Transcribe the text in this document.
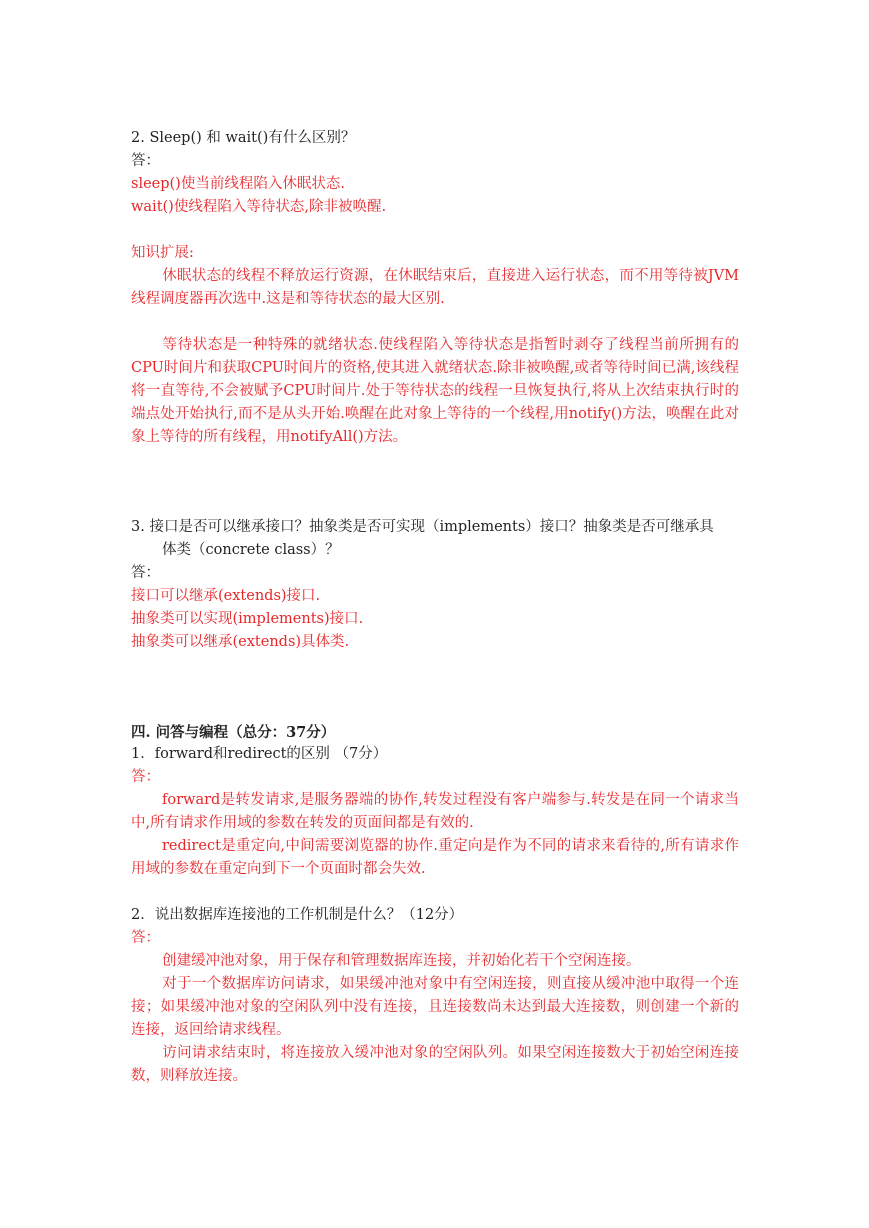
2. Sleep() 和 wait()有什么区别？
答：
sleep()使当前线程陷入休眠状态.
wait()使线程陷入等待状态,除非被唤醒.
知识扩展:
休眠状态的线程不释放运行资源，在休眠结束后，直接进入运行状态，而不用等待被JVM线程调度器再次选中.这是和等待状态的最大区别.
等待状态是一种特殊的就绪状态.使线程陷入等待状态是指暂时剥夺了线程当前所拥有的CPU时间片和获取CPU时间片的资格,使其进入就绪状态.除非被唤醒,或者等待时间已满,该线程将一直等待,不会被赋予CPU时间片.处于等待状态的线程一旦恢复执行,将从上次结束执行时的端点处开始执行,而不是从头开始.唤醒在此对象上等待的一个线程,用notify()方法，唤醒在此对象上等待的所有线程，用notifyAll()方法。
3. 接口是否可以继承接口？抽象类是否可实现（implements）接口？抽象类是否可继承具
体类（concrete class）？
答：
接口可以继承(extends)接口.
抽象类可以实现(implements)接口.
抽象类可以继承(extends)具体类.
四. 问答与编程（总分：37分）
1．forward和redirect的区别 （7分）
答：
forward是转发请求,是服务器端的协作,转发过程没有客户端参与.转发是在同一个请求当中,所有请求作用域的参数在转发的页面间都是有效的.
redirect是重定向,中间需要浏览器的协作.重定向是作为不同的请求来看待的,所有请求作用域的参数在重定向到下一个页面时都会失效.
2．说出数据库连接池的工作机制是什么？（12分）
答：
创建缓冲池对象，用于保存和管理数据库连接，并初始化若干个空闲连接。
对于一个数据库访问请求，如果缓冲池对象中有空闲连接，则直接从缓冲池中取得一个连接；如果缓冲池对象的空闲队列中没有连接，且连接数尚未达到最大连接数，则创建一个新的连接，返回给请求线程。
访问请求结束时，将连接放入缓冲池对象的空闲队列。如果空闲连接数大于初始空闲连接数，则释放连接。
